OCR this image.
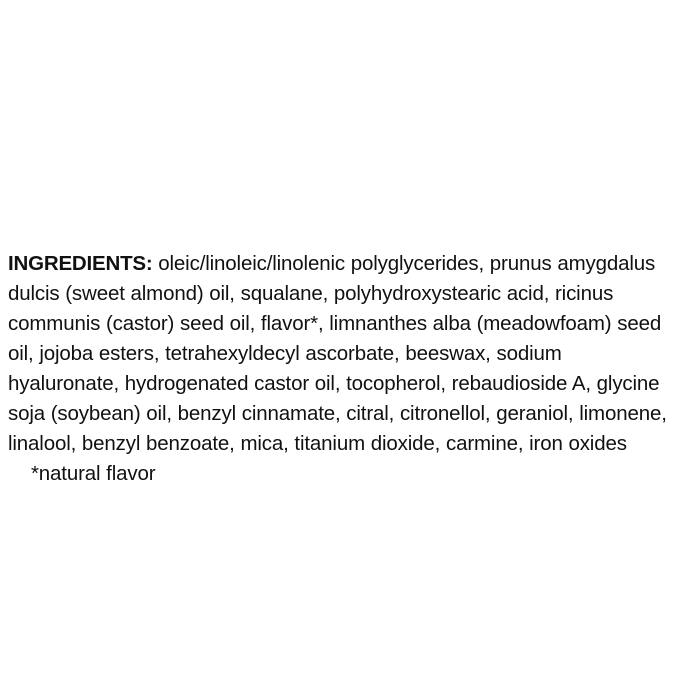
INGREDIENTS: oleic/linoleic/linolenic polyglycerides, prunus amygdalus dulcis (sweet almond) oil, squalane, polyhydroxystearic acid, ricinus communis (castor) seed oil, flavor*, limnanthes alba (meadowfoam) seed oil, jojoba esters, tetrahexyldecyl ascorbate, beeswax, sodium hyaluronate, hydrogenated castor oil, tocopherol, rebaudioside A, glycine soja (soybean) oil, benzyl cinnamate, citral, citronellol, geraniol, limonene, linalool, benzyl benzoate, mica, titanium dioxide, carmine, iron oxides    *natural flavor
